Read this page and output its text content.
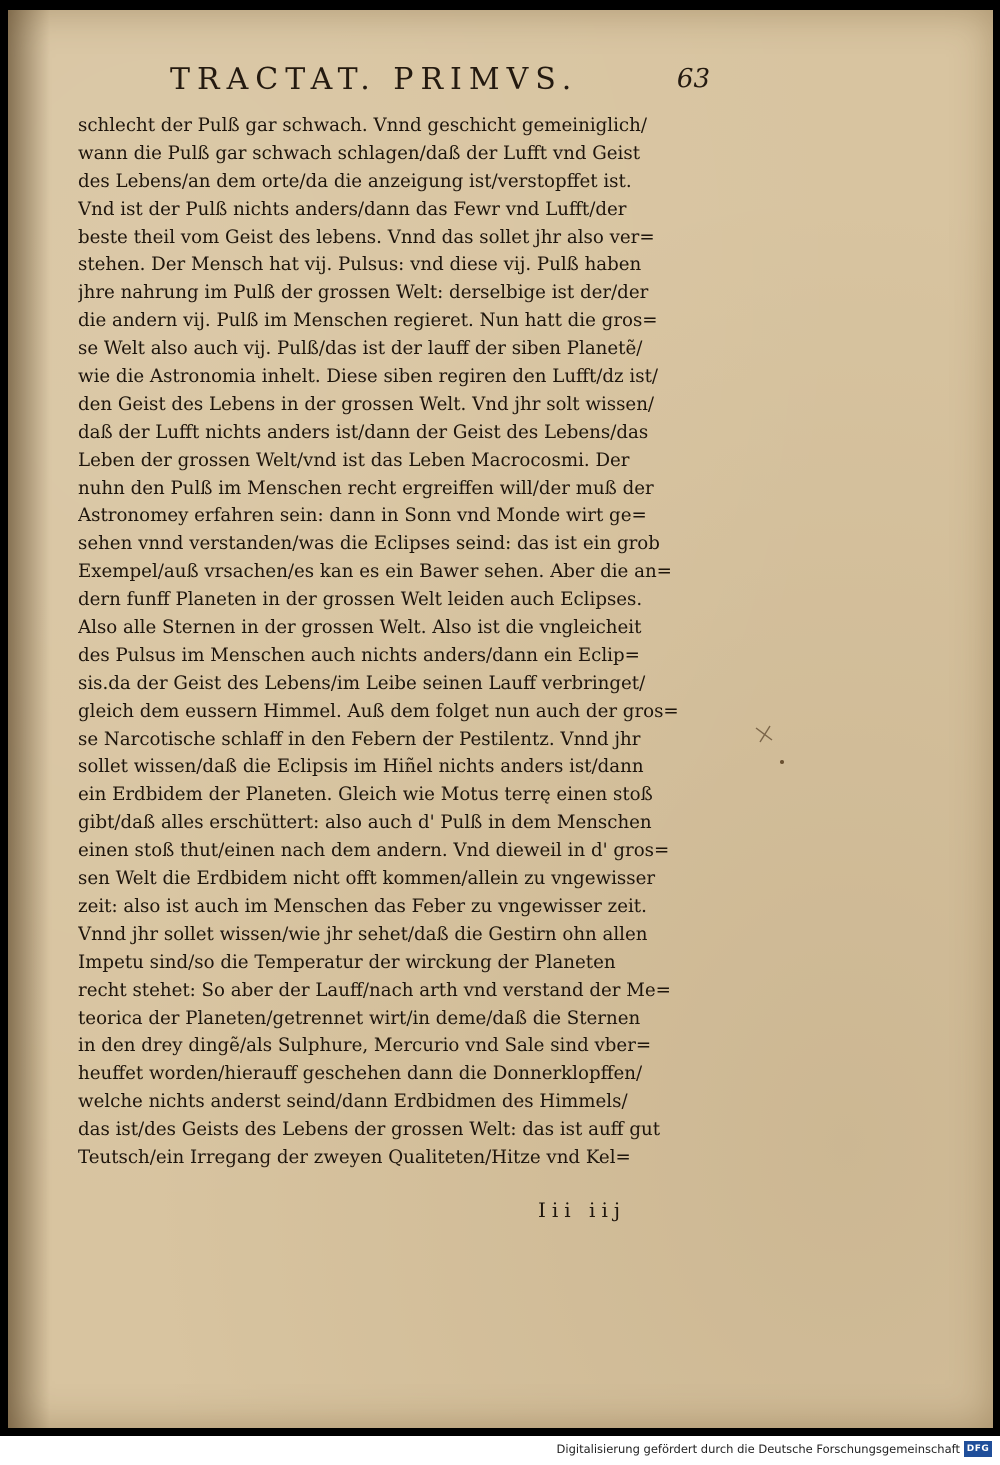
TRACTAT. PRIMVS.	63
schlecht der Pulß gar schwach. Vnnd geschicht gemeiniglich/
wann die Pulß gar schwach schlagen/daß der Lufft vnd Geist
des Lebens/an dem orte/da die anzeigung ist/verstopffet ist.
Vnd ist der Pulß nichts anders/dann das Fewr vnd Lufft/der
beste theil vom Geist des lebens. Vnnd das sollet jhr also ver=
stehen. Der Mensch hat vij. Pulsus: vnd diese vij. Pulß haben
jhre nahrung im Pulß der grossen Welt: derselbige ist der/der
die andern vij. Pulß im Menschen regieret. Nun hatt die gros=
se Welt also auch vij. Pulß/das ist der lauff der siben Planetẽ/
wie die Astronomia inhelt. Diese siben regiren den Lufft/dz ist/
den Geist des Lebens in der grossen Welt. Vnd jhr solt wissen/
daß der Lufft nichts anders ist/dann der Geist des Lebens/das
Leben der grossen Welt/vnd ist das Leben Macrocosmi. Der
nuhn den Pulß im Menschen recht ergreiffen will/der muß der
Astronomey erfahren sein: dann in Sonn vnd Monde wirt ge=
sehen vnnd verstanden/was die Eclipses seind: das ist ein grob
Exempel/auß vrsachen/es kan es ein Bawer sehen. Aber die an=
dern funff Planeten in der grossen Welt leiden auch Eclipses.
Also alle Sternen in der grossen Welt. Also ist die vngleicheit
des Pulsus im Menschen auch nichts anders/dann ein Eclip=
sis.da der Geist des Lebens/im Leibe seinen Lauff verbringet/
gleich dem eussern Himmel. Auß dem folget nun auch der gros=
se Narcotische schlaff in den Febern der Pestilentz. Vnnd jhr
sollet wissen/daß die Eclipsis im Hiñel nichts anders ist/dann
ein Erdbidem der Planeten. Gleich wie Motus terrę einen stoß
gibt/daß alles erschüttert: also auch d' Pulß in dem Menschen
einen stoß thut/einen nach dem andern. Vnd dieweil in d' gros=
sen Welt die Erdbidem nicht offt kommen/allein zu vngewisser
zeit: also ist auch im Menschen das Feber zu vngewisser zeit.
Vnnd jhr sollet wissen/wie jhr sehet/daß die Gestirn ohn allen
Impetu sind/so die Temperatur der wirckung der Planeten
recht stehet: So aber der Lauff/nach arth vnd verstand der Me=
teorica der Planeten/getrennet wirt/in deme/daß die Sternen
in den drey dingẽ/als Sulphure, Mercurio vnd Sale sind vber=
heuffet worden/hierauff geschehen dann die Donnerklopffen/
welche nichts anderst seind/dann Erdbidmen des Himmels/
das ist/des Geists des Lebens der grossen Welt: das ist auff gut
Teutsch/ein Irregang der zweyen Qualiteten/Hitze vnd Kel=
Iii iij
Digitalisierung gefördert durch die Deutsche Forschungsgemeinschaft DFG
